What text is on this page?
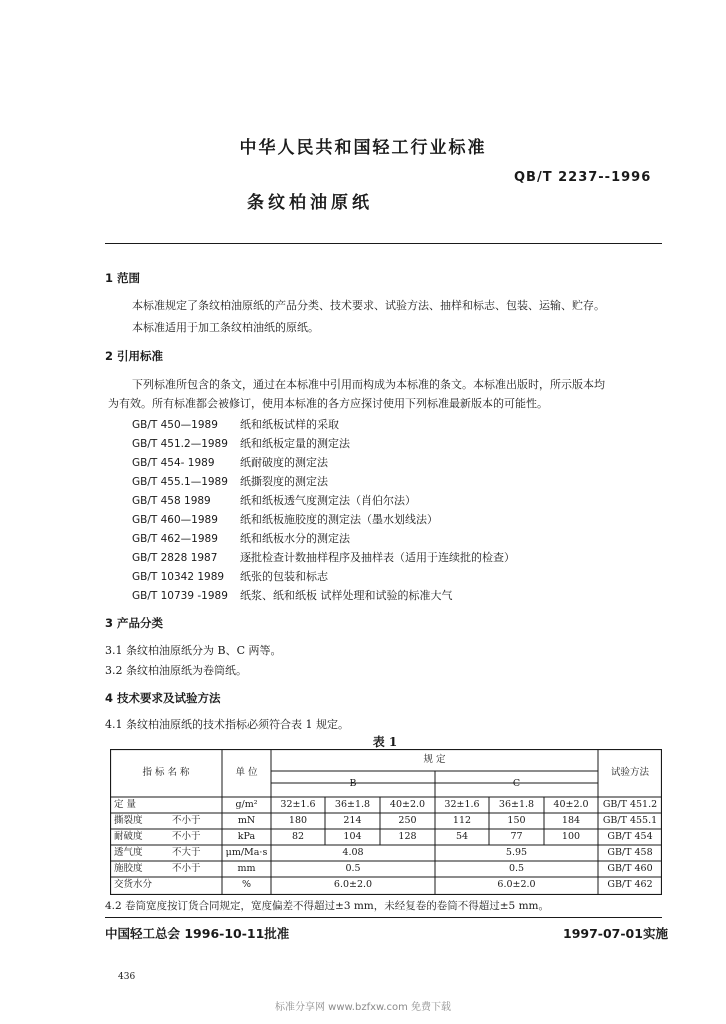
中华人民共和国轻工行业标准
QB/T 2237--1996
条纹柏油原纸
1 范围
本标准规定了条纹柏油原纸的产品分类、技术要求、试验方法、抽样和标志、包装、运输、贮存。
本标准适用于加工条纹柏油纸的原纸。
2 引用标准
下列标准所包含的条文，通过在本标准中引用而构成为本标准的条文。本标准出版时，所示版本均
为有效。所有标准都会被修订，使用本标准的各方应探讨使用下列标准最新版本的可能性。
GB/T 450—1989 纸和纸板试样的采取
GB/T 451.2—1989 纸和纸板定量的测定法
GB/T 454- 1989 纸耐破度的测定法
GB/T 455.1—1989 纸撕裂度的测定法
GB/T 458 1989	纸和纸板透气度测定法（肖伯尔法）
GB/T 460—1989 纸和纸板施胶度的测定法（墨水划线法）
GB/T 462—1989 纸和纸板水分的测定法
GB/T 2828 1987 逐批检查计数抽样程序及抽样表（适用于连续批的检查）
GB/T 10342 1989 纸张的包装和标志
GB/T 10739 -1989 纸浆、纸和纸板 试样处理和试验的标准大气
3 产品分类
3.1 条纹柏油原纸分为 B、C 两等。
3.2 条纹柏油原纸为卷筒纸。
4 技术要求及试验方法
4.1 条纹柏油原纸的技术指标必须符合表 1 规定。
表 1
指 标 名 称	单 位
规 定
B	C
试验方法
定 量	g/m²	32±1.6	36±1.8	40±2.0	32±1.6	36±1.8	40±2.0	GB/T 451.2
撕裂度	不小于	mN	180	214	250	112	150	184	GB/T 455.1
耐破度	不小于	kPa	82	104	128	54	77	100	GB/T 454
透气度	不大于	μm/Ma·s	4.08	5.95	GB/T 458
施胶度	不小于	mm	0.5	0.5	GB/T 460
交货水分	%	6.0±2.0	6.0±2.0	GB/T 462
4.2 卷筒宽度按订货合同规定，宽度偏差不得超过±3 mm，未经复卷的卷筒不得超过±5 mm。
中国轻工总会 1996-10-11批准	1997-07-01实施
436
标准分享网 www.bzfxw.com 免费下载
